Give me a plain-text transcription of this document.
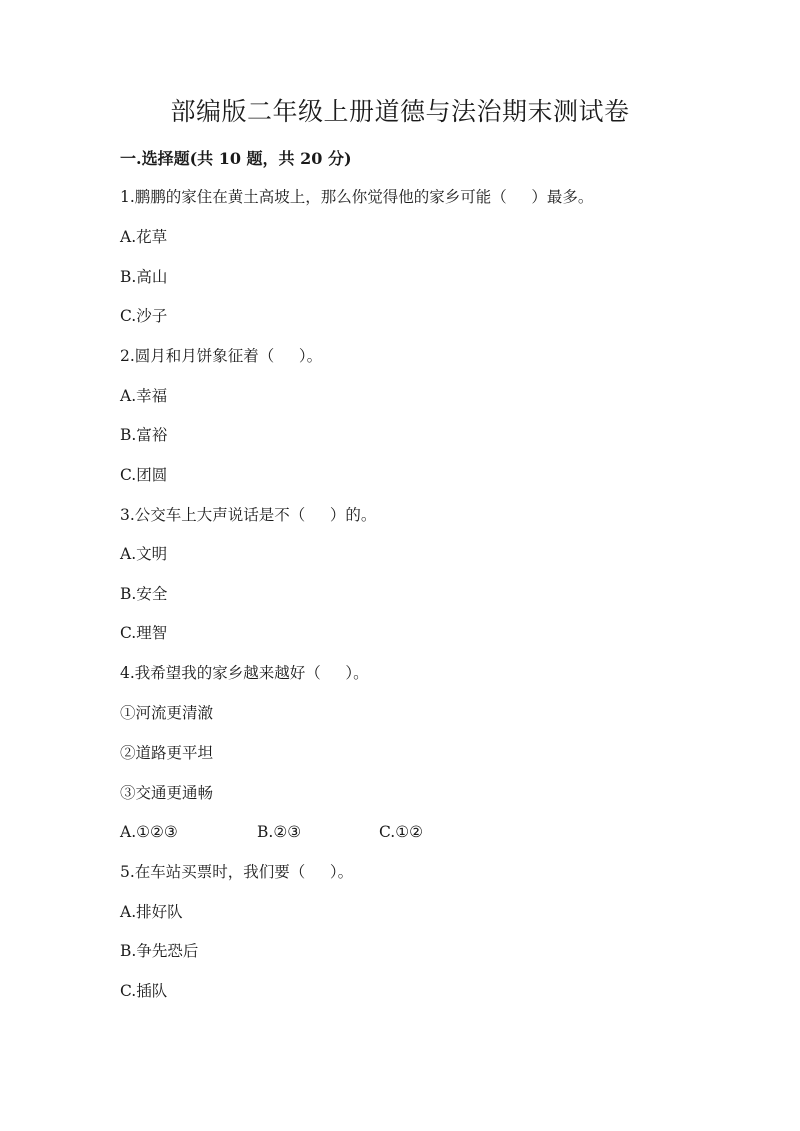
部编版二年级上册道德与法治期末测试卷
一.选择题(共 10 题，共 20 分)
1.鹏鹏的家住在黄土高坡上，那么你觉得他的家乡可能（     ）最多。
A.花草
B.高山
C.沙子
2.圆月和月饼象征着（     ）。
A.幸福
B.富裕
C.团圆
3.公交车上大声说话是不（     ）的。
A.文明
B.安全
C.理智
4.我希望我的家乡越来越好（     ）。
①河流更清澈
②道路更平坦
③交通更通畅

A.①②③

	B.②③

	C.①②

5.在车站买票时，我们要（     ）。
A.排好队
B.争先恐后
C.插队
